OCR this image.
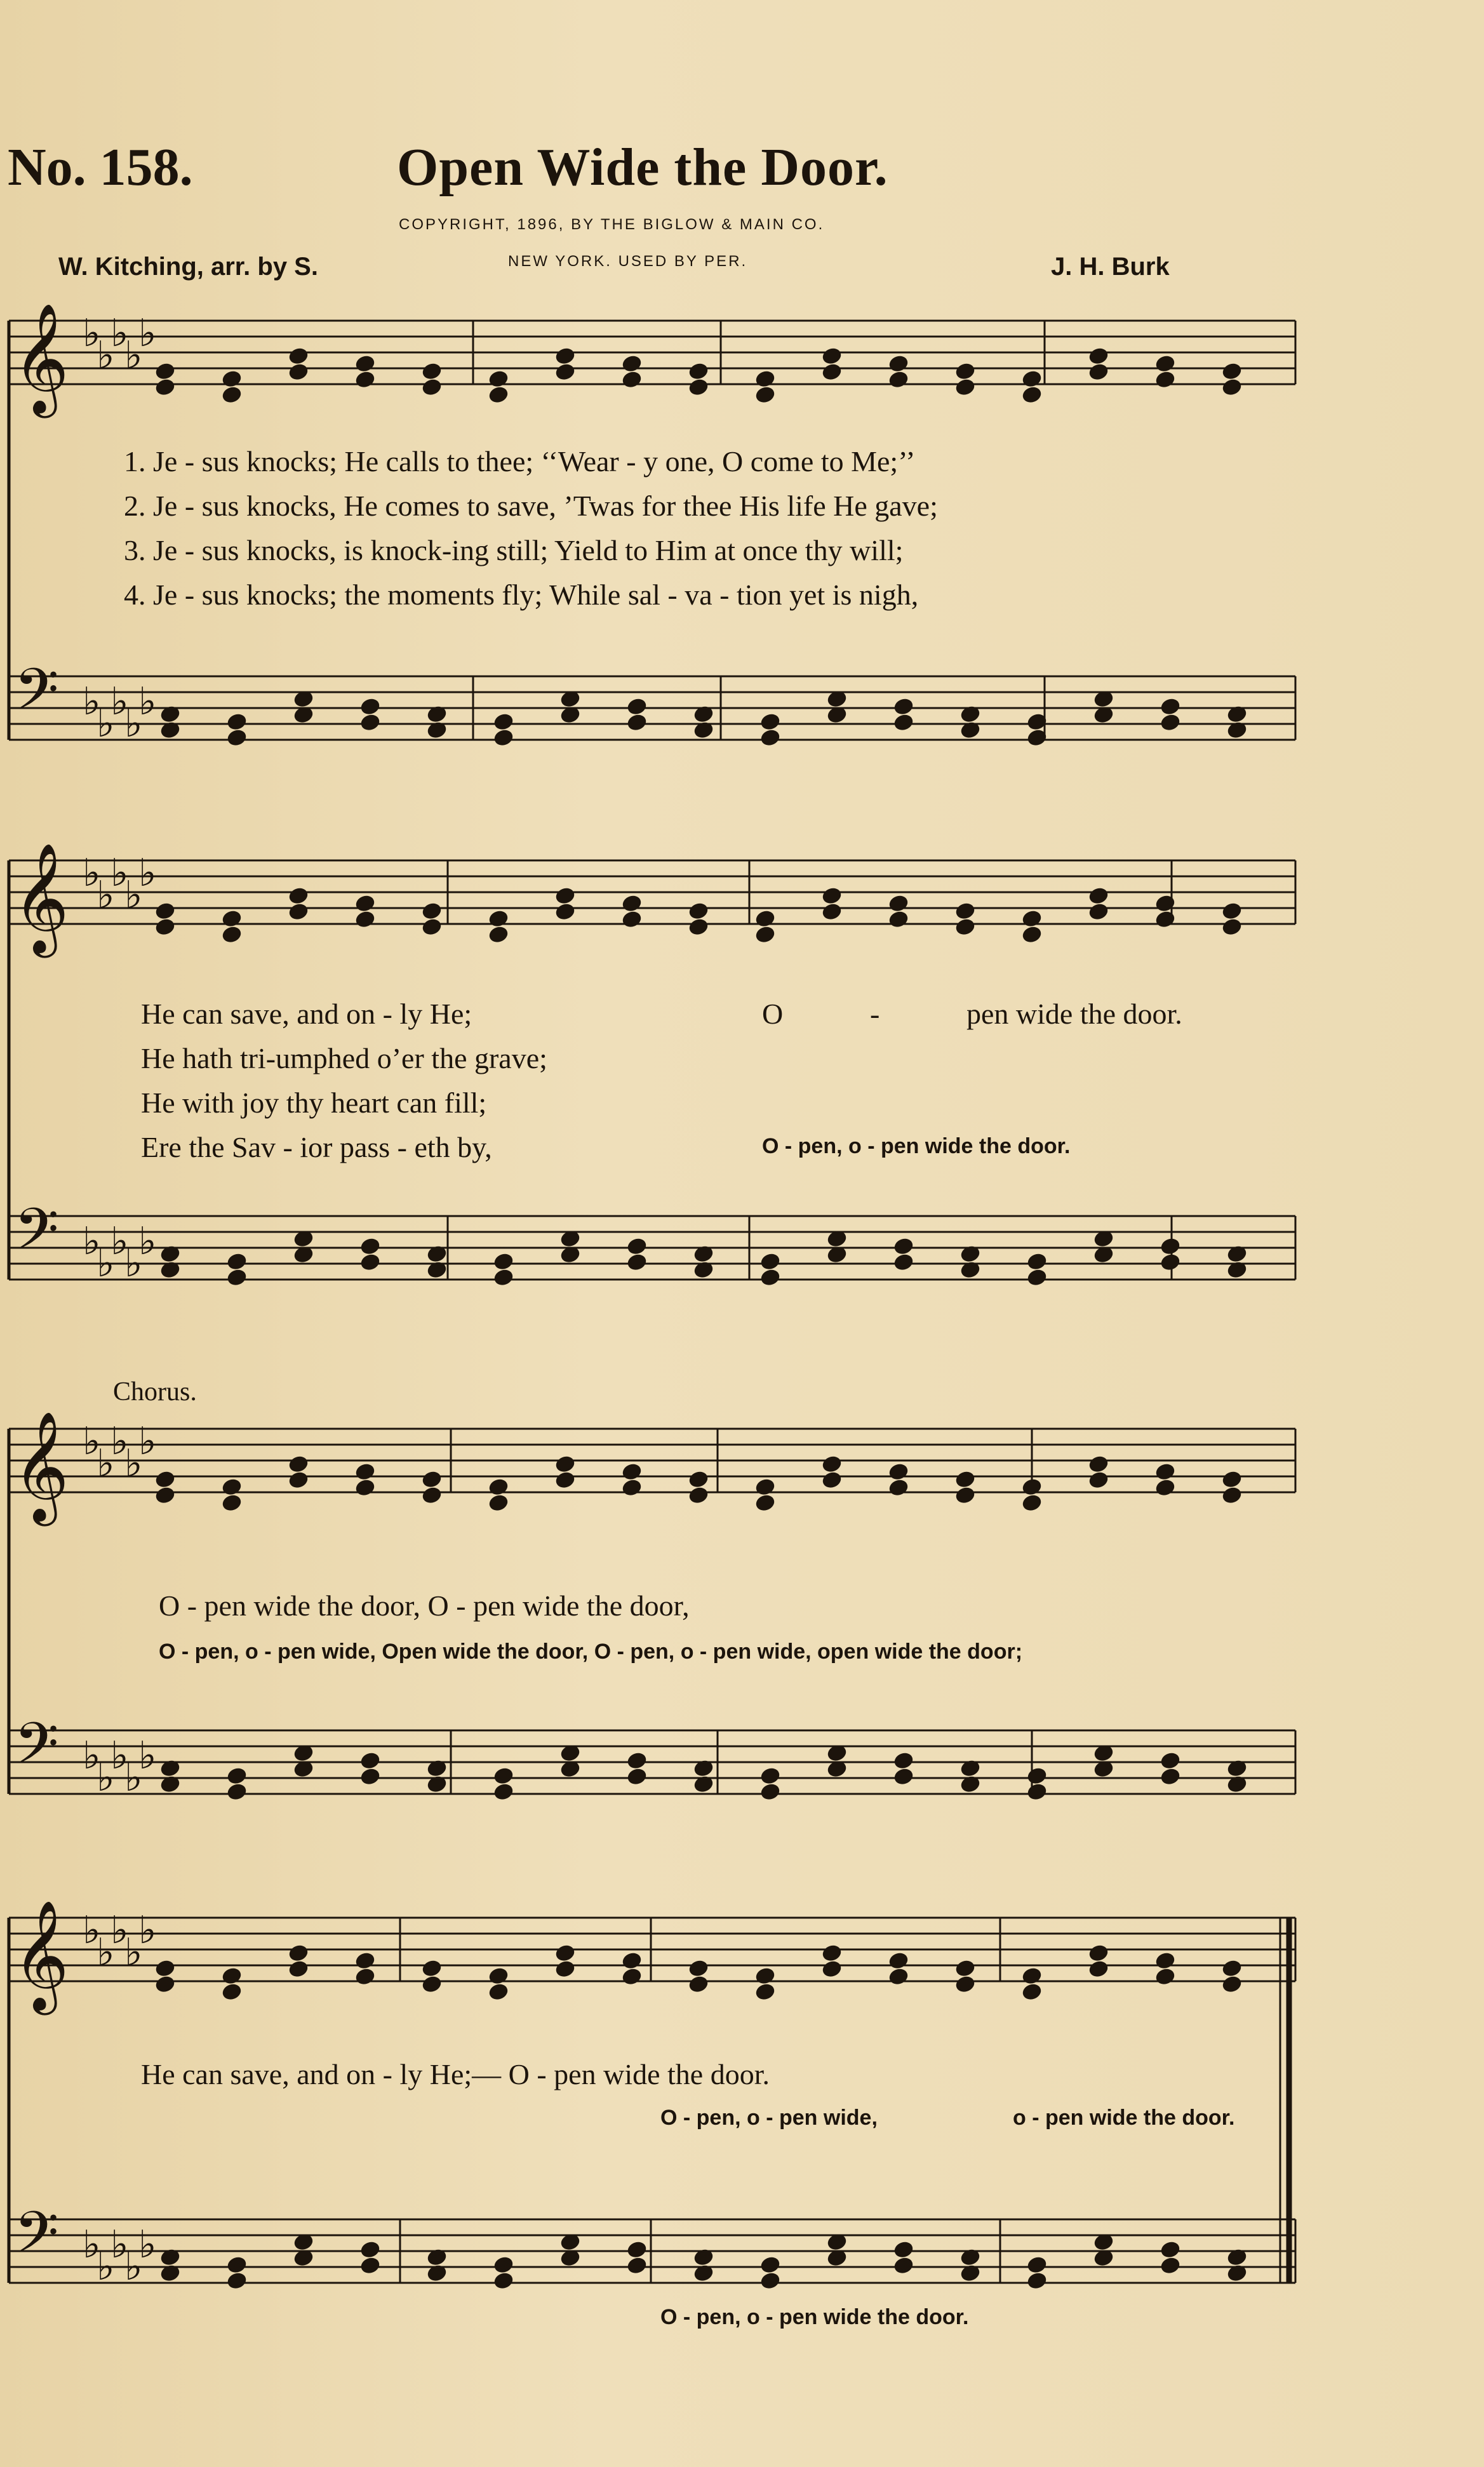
No. 158.	Open Wide the Door.
COPYRIGHT, 1896, BY THE BIGLOW & MAIN CO.
W. Kitching, arr. by S.	NEW YORK. USED BY PER.	J. H. Burk
𝄞
𝄢
♭
♭
♭
♭
♭
♭
♭
♭
♭
♭
𝄞
𝄢
♭
♭
♭
♭
♭
♭
♭
♭
♭
♭
𝄞
𝄢
♭
♭
♭
♭
♭
♭
♭
♭
♭
♭
𝄞
𝄢
♭
♭
♭
♭
♭
♭
♭
♭
♭
♭
1. Je - sus knocks; He calls to thee; ‘‘Wear - y one, O come to Me;’’
2. Je - sus knocks, He comes to save, ’Twas for thee His life He gave;
3. Je - sus knocks, is knock-ing still; Yield to Him at once thy will;
4. Je - sus knocks; the moments fly; While sal - va - tion yet is nigh,
He can save, and on - ly He;
He hath tri-umphed o’er the grave;
He with joy thy heart can fill;
Ere the Sav - ior pass - eth by,
O	-	pen wide the door.
O - pen, o - pen wide the door.
Chorus.
O - pen wide the door, O - pen wide the door,
O - pen, o - pen wide, Open wide the door, O - pen, o - pen wide, open wide the door;
He can save, and on - ly He;— O - pen wide the door.
O - pen, o - pen wide,	o - pen wide the door.
O - pen, o - pen wide the door.
